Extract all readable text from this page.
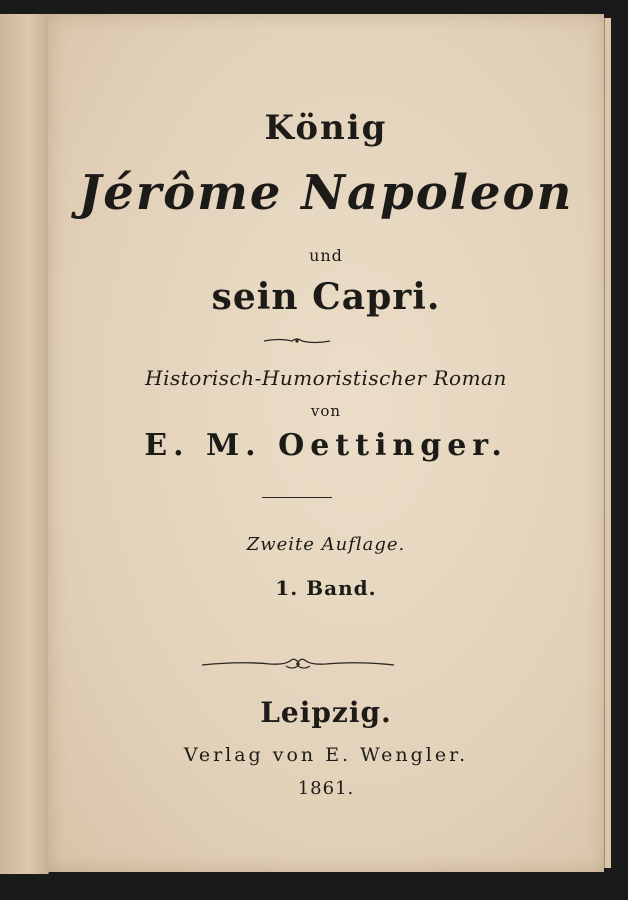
König
Jérôme Napoleon
und
sein Capri.
Historisch-Humoristischer Roman
von
E. M. Oettinger.
Zweite Auflage.
1. Band.
Leipzig.
Verlag von E. Wengler.
1861.
